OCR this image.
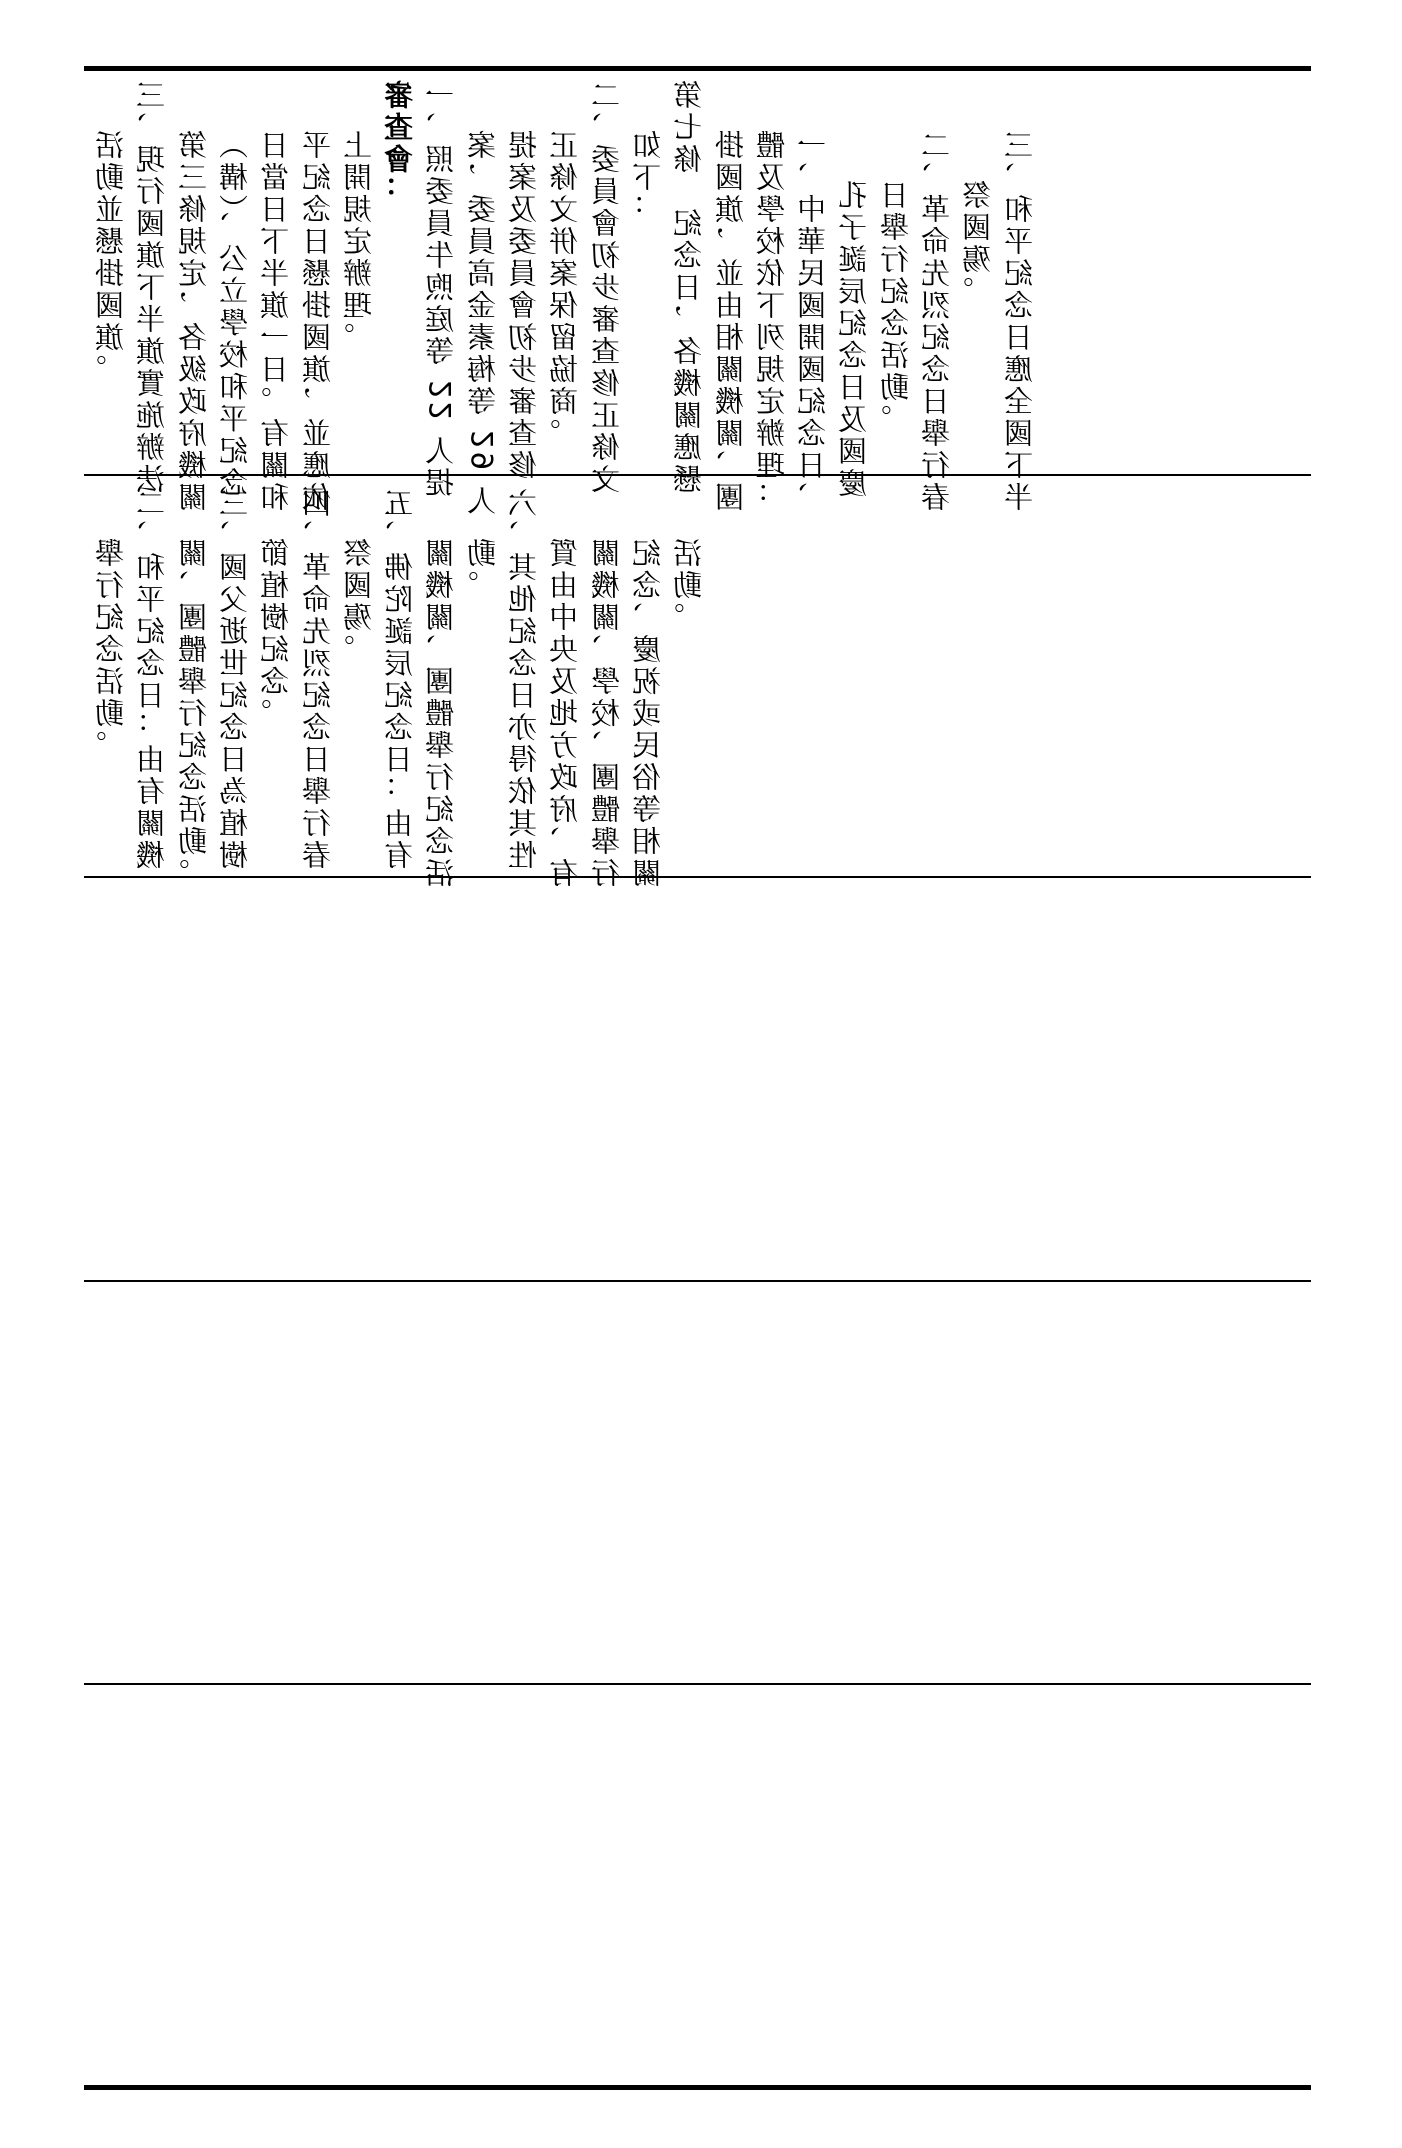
活動並懸掛國旗。 三、現行國旗下半旗實施辦法 第三條規定，各級政府機關 （構）、公立學校和平紀念 日當日下半旗一日。有關和 平紀念日懸掛國旗，並應依 上開規定辦理。 審查會： 一、照委員牛煦庭等 22 人提 案，委員高金素梅等 29 人 提案及委員會初步審查修 正條文併案保留協商。 二、委員會初步審查修正條文 如下： 第七條　紀念日，各機關應懸 掛國旗，並由相關機關、團 體及學校依下列規定辦理： 一、中華民國開國紀念日、 孔子誕辰紀念日及國慶 日舉行紀念活動。 二、革命先烈紀念日舉行春 祭國殤。 三、和平紀念日應全國下半
舉行紀念活動。 二、和平紀念日：由有關機 關、團體舉行紀念活動。 三、國父逝世紀念日為植樹 節植樹紀念。 四、革命先烈紀念日舉行春 祭國殤。 五、佛陀誕辰紀念日：由有 關機關、團體舉行紀念活 動。 六、其他紀念日亦得依其性 質由中央及地方政府、有 關機關、學校、團體舉行 紀念、慶祝或民俗等相關 活動。
